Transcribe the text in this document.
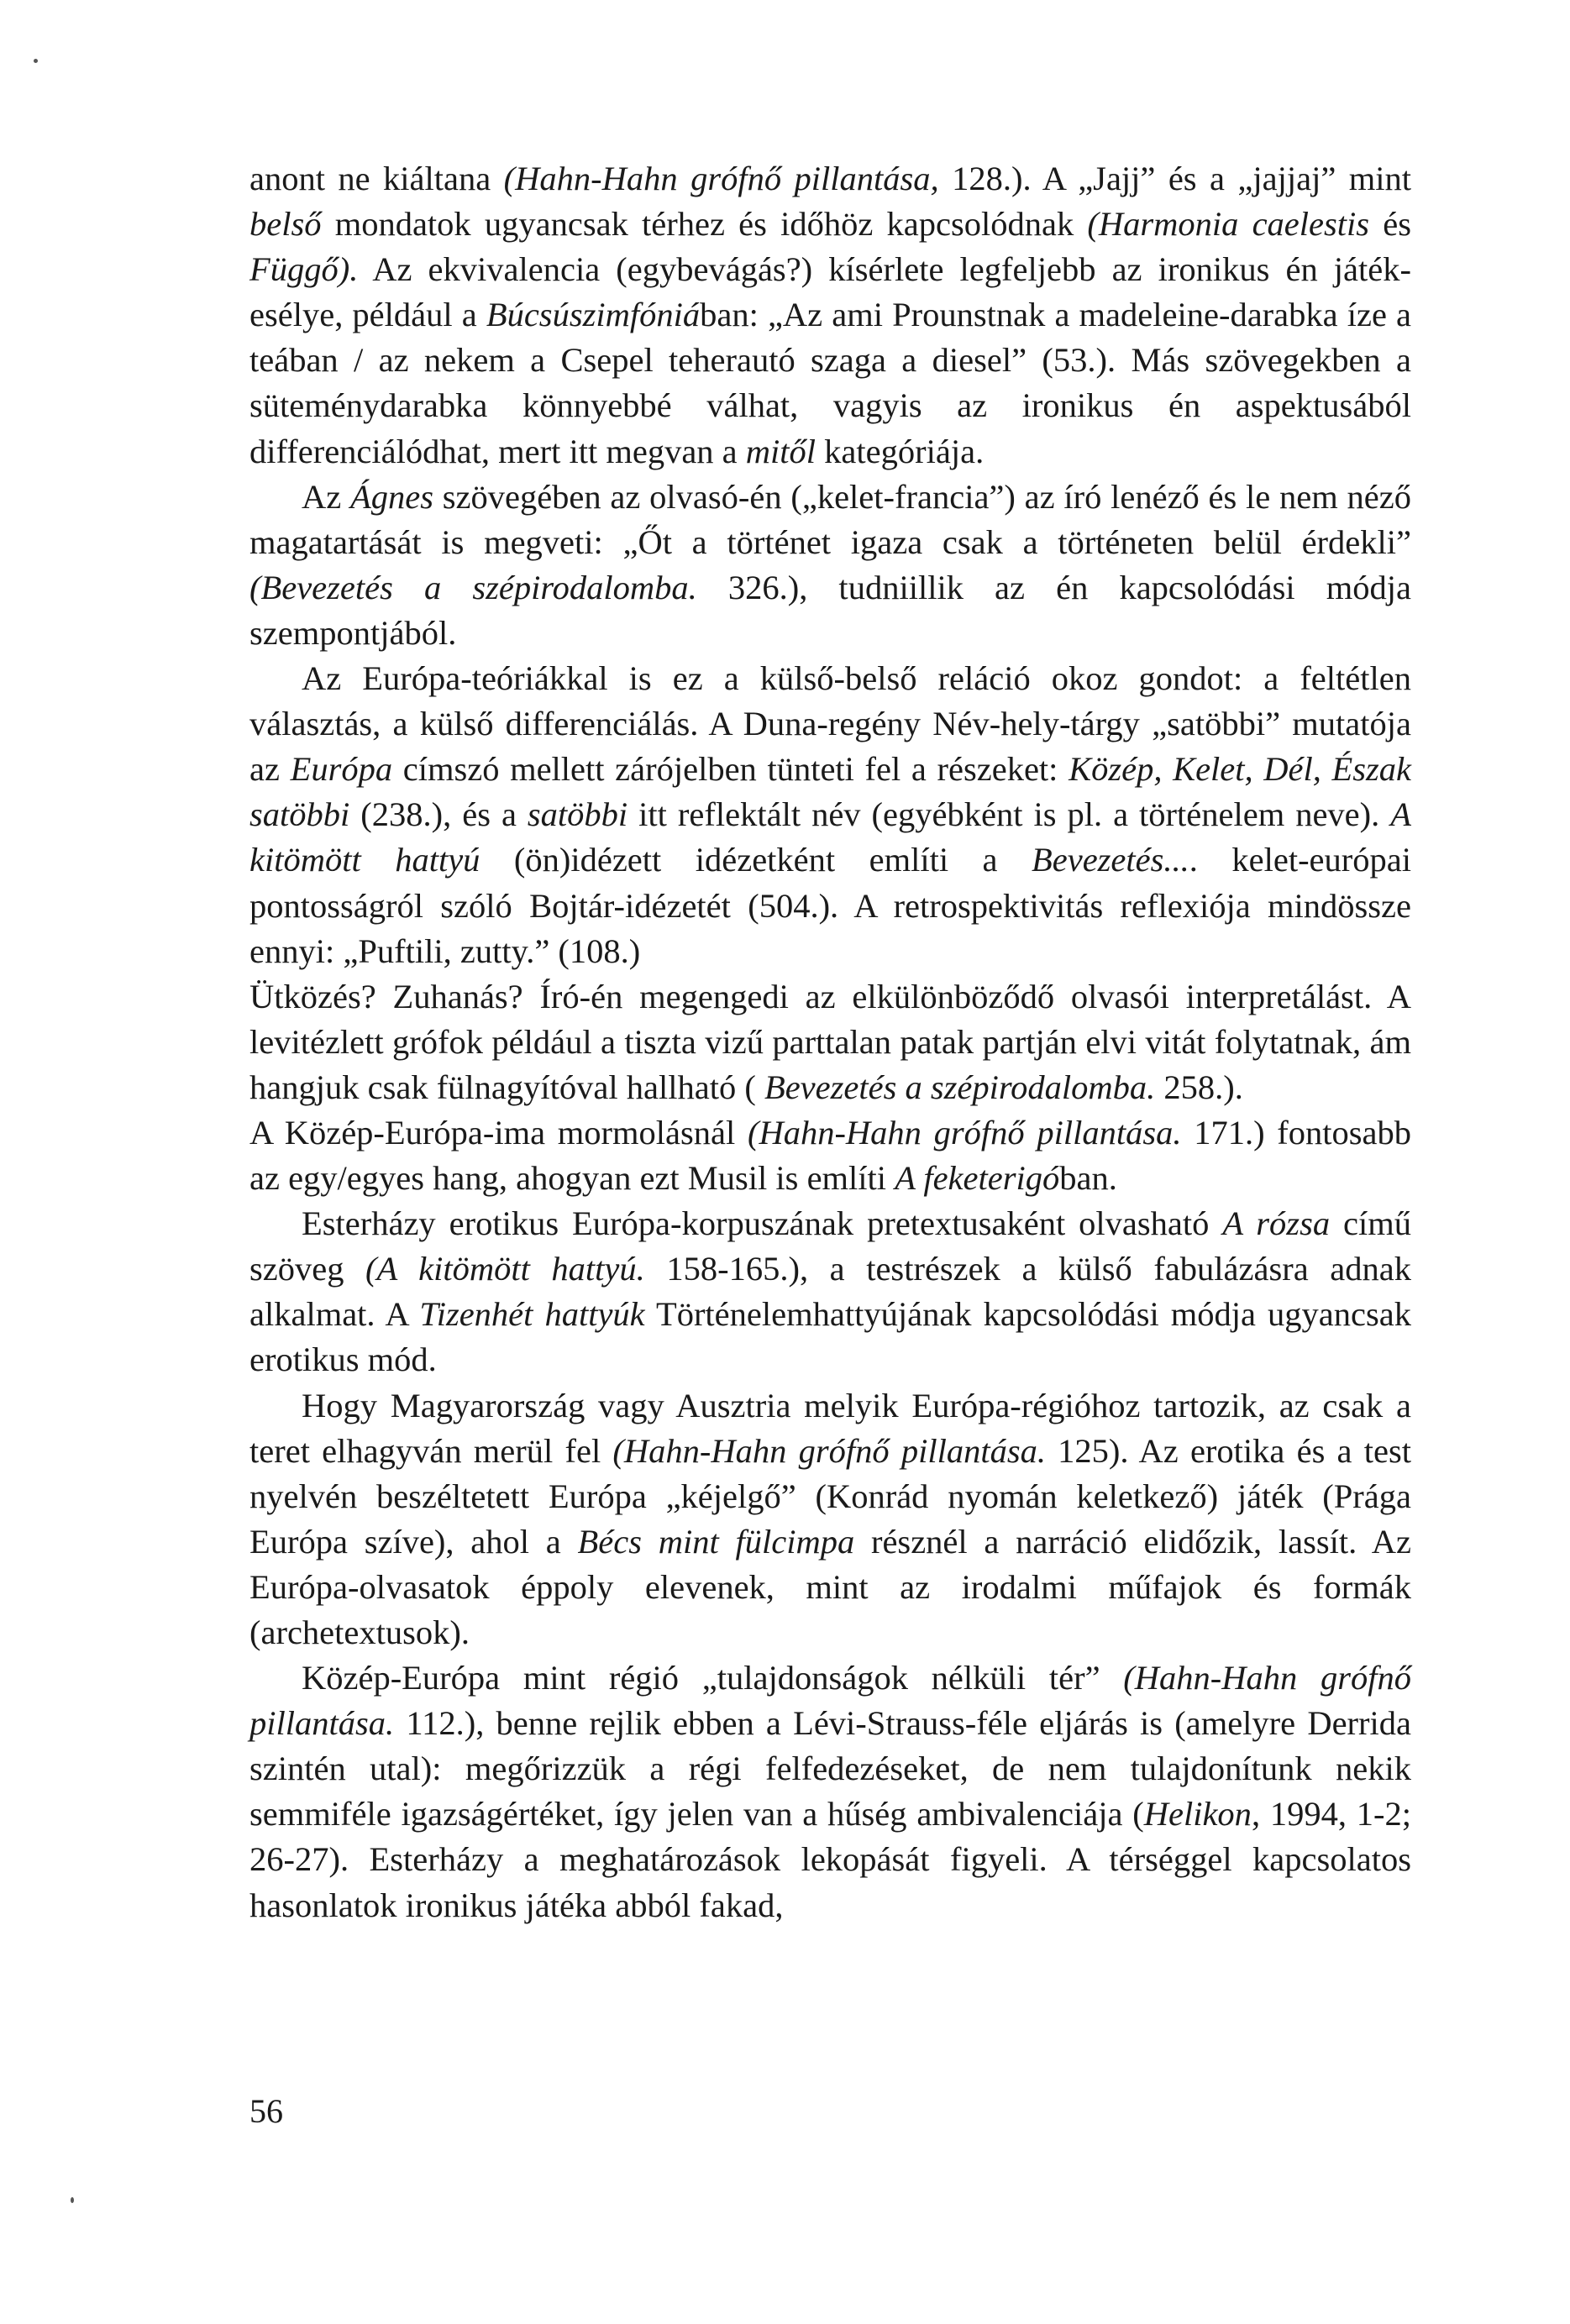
anont ne kiáltana (Hahn-Hahn grófnő pillantása, 128.). A „Jajj” és a „jajjaj” mint belső mondatok ugyancsak térhez és időhöz kapcsolódnak (Harmonia caelestis és Függő). Az ekvivalencia (egybevágás?) kísérlete legfeljebb az ironikus én játék-esélye, például a Búcsúszimfóniában: „Az ami Prounstnak a madeleine-darabka íze a teában / az nekem a Csepel teherautó szaga a diesel” (53.). Más szövegekben a süteménydarabka könnyebbé válhat, vagyis az ironikus én aspektusából differenciálódhat, mert itt megvan a mitől kategóriája.

Az Ágnes szövegében az olvasó-én („kelet-francia”) az író lenéző és le nem néző magatartását is megveti: „Őt a történet igaza csak a történeten belül érdekli” (Bevezetés a szépirodalomba. 326.), tudniillik az én kapcsolódási módja szempontjából.

Az Európa-teóriákkal is ez a külső-belső reláció okoz gondot: a feltétlen választás, a külső differenciálás. A Duna-regény Név-hely-tárgy „satöbbi” mutatója az Európa címszó mellett zárójelben tünteti fel a részeket: Közép, Kelet, Dél, Észak satöbbi (238.), és a satöbbi itt reflektált név (egyébként is pl. a történelem neve). A kitömött hattyú (ön)idézett idézetként említi a Bevezetés.... kelet-európai pontosságról szóló Bojtár-idézetét (504.). A retrospektivitás reflexiója mindössze ennyi: „Puftili, zutty.” (108.)

Ütközés? Zuhanás? Író-én megengedi az elkülönböződő olvasói interpretálást. A levitézlett grófok például a tiszta vizű parttalan patak partján elvi vitát folytatnak, ám hangjuk csak fülnagyítóval hallható ( Bevezetés a szépirodalomba. 258.).

A Közép-Európa-ima mormolásnál (Hahn-Hahn grófnő pillantása. 171.) fontosabb az egy/egyes hang, ahogyan ezt Musil is említi A feketerigóban.

Esterházy erotikus Európa-korpuszának pretextusaként olvasható A rózsa című szöveg (A kitömött hattyú. 158-165.), a testrészek a külső fabulázásra adnak alkalmat. A Tizenhét hattyúk Történelemhattyújának kapcsolódási módja ugyancsak erotikus mód.

Hogy Magyarország vagy Ausztria melyik Európa-régióhoz tartozik, az csak a teret elhagyván merül fel (Hahn-Hahn grófnő pillantása. 125). Az erotika és a test nyelvén beszéltetett Európa „kéjelgő” (Konrád nyomán keletkező) játék (Prága Európa szíve), ahol a Bécs mint fülcimpa résznél a narráció elidőzik, lassít. Az Európa-olvasatok éppoly elevenek, mint az irodalmi műfajok és formák (archetextusok).

Közép-Európa mint régió „tulajdonságok nélküli tér” (Hahn-Hahn grófnő pillantása. 112.), benne rejlik ebben a Lévi-Strauss-féle eljárás is (amelyre Derrida szintén utal): megőrizzük a régi felfedezéseket, de nem tulajdonítunk nekik semmiféle igazságértéket, így jelen van a hűség ambivalenciája (Helikon, 1994, 1-2; 26-27). Esterházy a meghatározások lekopását figyeli. A térséggel kapcsolatos hasonlatok ironikus játéka abból fakad,

56
